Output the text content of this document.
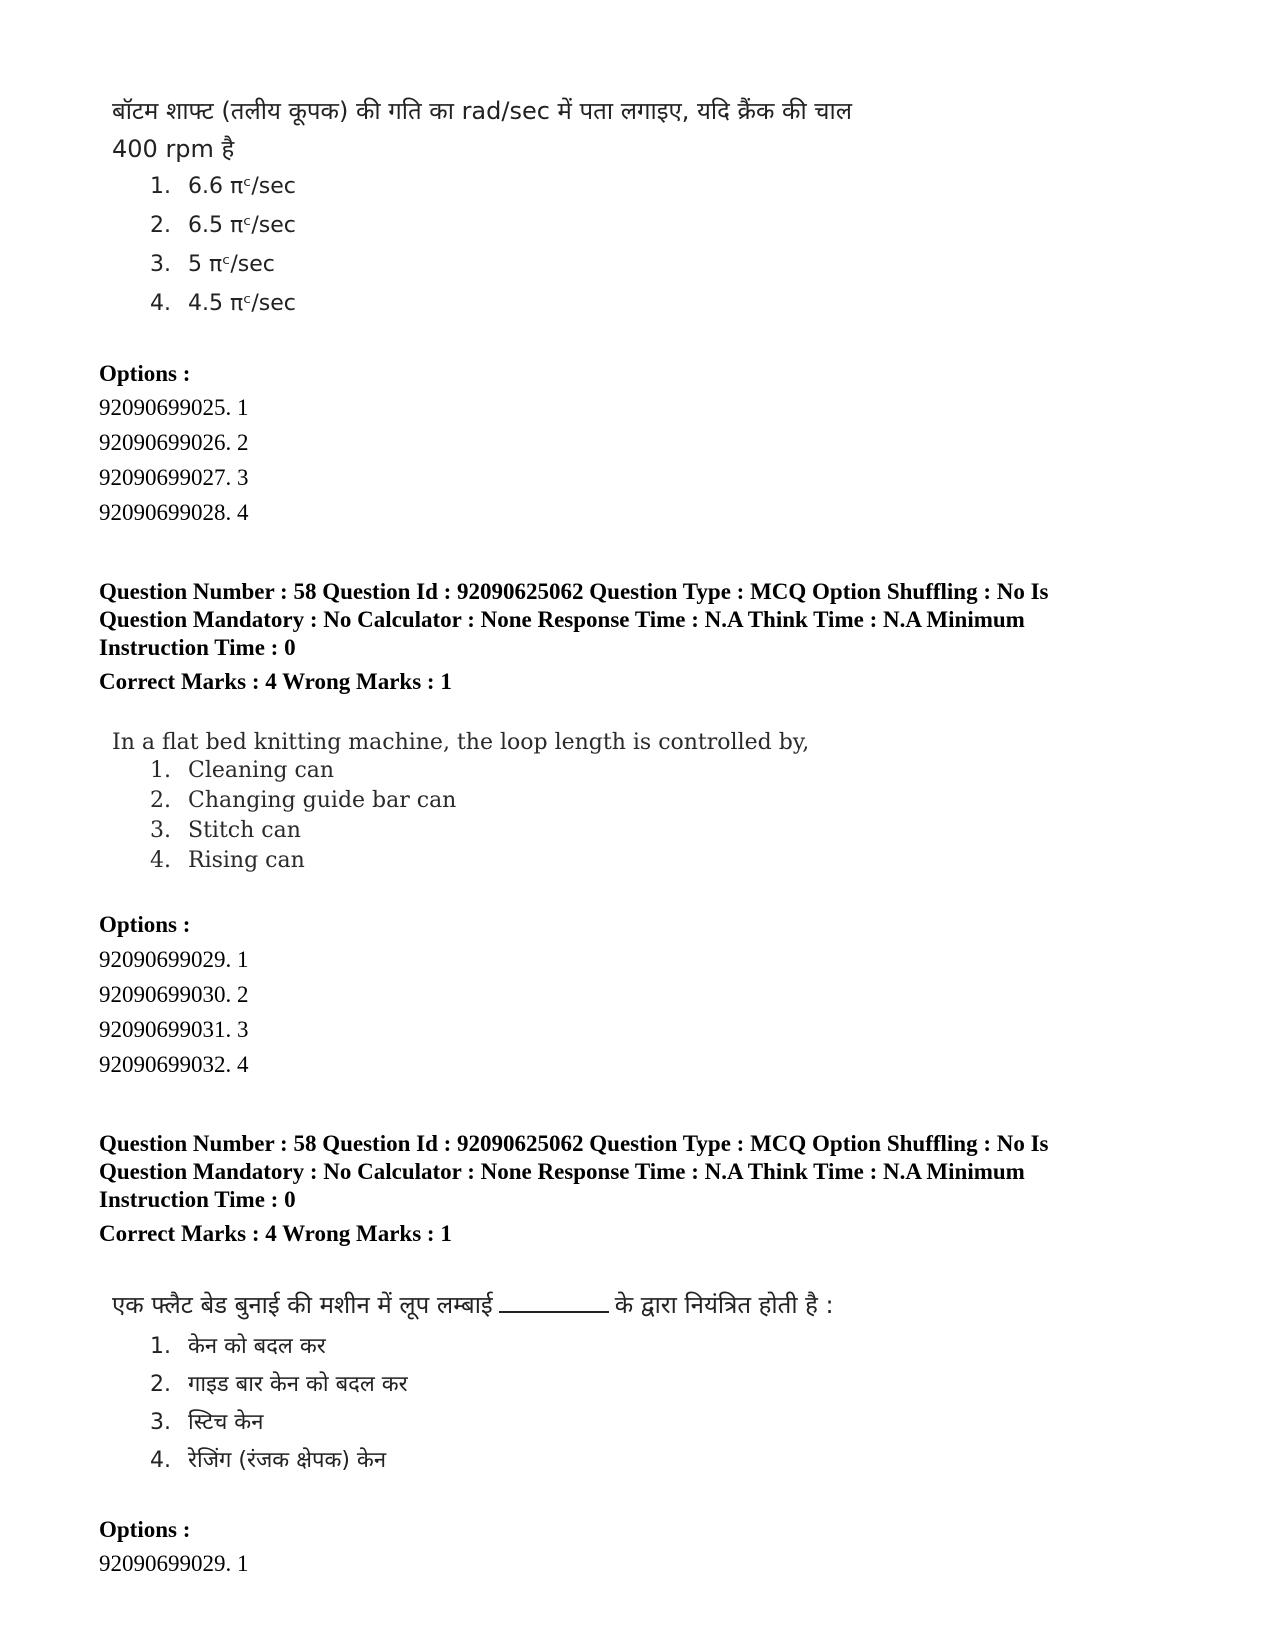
बॉटम शाफ्ट (तलीय कूपक) की गति का rad/sec में पता लगाइए, यदि क्रैंक की चाल
400 rpm है
1. 6.6 πᶜ/sec
2. 6.5 πᶜ/sec
3. 5 πᶜ/sec
4. 4.5 πᶜ/sec
Options :
92090699025. 1
92090699026. 2
92090699027. 3
92090699028. 4
Question Number : 58 Question Id : 92090625062 Question Type : MCQ Option Shuffling : No Is
Question Mandatory : No Calculator : None Response Time : N.A Think Time : N.A Minimum
Instruction Time : 0
Correct Marks : 4 Wrong Marks : 1
In a flat bed knitting machine, the loop length is controlled by,
1. Cleaning can
2. Changing guide bar can
3. Stitch can
4. Rising can
Options :
92090699029. 1
92090699030. 2
92090699031. 3
92090699032. 4
Question Number : 58 Question Id : 92090625062 Question Type : MCQ Option Shuffling : No Is
Question Mandatory : No Calculator : None Response Time : N.A Think Time : N.A Minimum
Instruction Time : 0
Correct Marks : 4 Wrong Marks : 1
एक फ्लैट बेड बुनाई की मशीन में लूप लम्बाई	के द्वारा नियंत्रित होती है :
1. केन को बदल कर
2. गाइड बार केन को बदल कर
3. स्टिच केन
4. रेजिंग (रंजक क्षेपक) केन
Options :
92090699029. 1
